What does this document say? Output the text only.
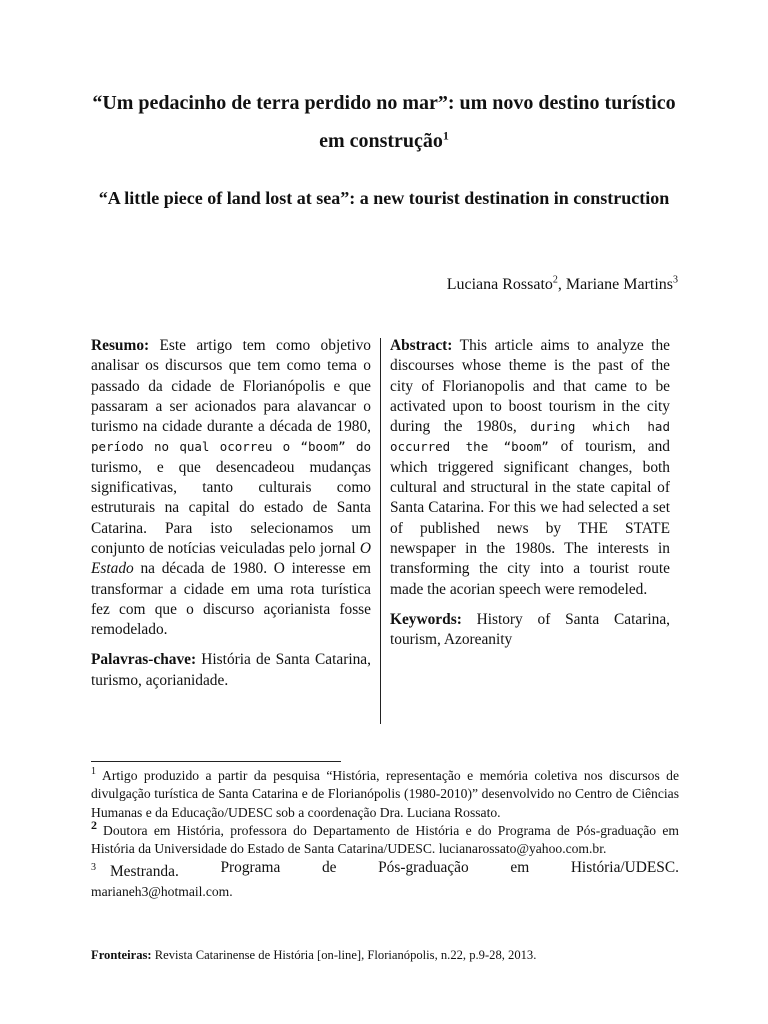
“Um pedacinho de terra perdido no mar”: um novo destino turístico em construção$^1$
“A little piece of land lost at sea”: a new tourist destination in construction
Luciana Rossato$^2$, Mariane Martins$^3$

Resumo: Este artigo tem como objetivo analisar os discursos que tem como tema o passado da cidade de Florianópolis e que passaram a ser acionados para alavancar o turismo na cidade durante a década de 1980, período no qual ocorreu o “boom” do turismo, e que desencadeou mudanças significativas, tanto culturais como estruturais na capital do estado de Santa Catarina. Para isto selecionamos um conjunto de notícias veiculadas pelo jornal O Estado na década de 1980. O interesse em transformar a cidade em uma rota turística fez com que o discurso açorianista fosse remodelado.

Palavras-chave: História de Santa Catarina, turismo, açorianidade.

Abstract: This article aims to analyze the discourses whose theme is the past of the city of Florianopolis and that came to be activated upon to boost tourism in the city during the 1980s, during which had occurred the “boom” of tourism, and which triggered significant changes, both cultural and structural in the state capital of Santa Catarina. For this we had selected a set of published news by THE STATE newspaper in the 1980s. The interests in transforming the city into a tourist route made the acorian speech were remodeled.

Keywords: History of Santa Catarina, tourism, Azoreanity

$^1$ Artigo produzido a partir da pesquisa “História, representação e memória coletiva nos discursos de divulgação turística de Santa Catarina e de Florianópolis (1980-2010)” desenvolvido no Centro de Ciências Humanas e da Educação/UDESC sob a coordenação Dra. Luciana Rossato.

2 Doutora em História, professora do Departamento de História e do Programa de Pós-graduação em História da Universidade do Estado de Santa Catarina/UDESC. lucianarossato@yahoo.com.br.

$^3$ Mestranda.	Programa	de	Pós-graduação	em	História/UDESC.
marianeh3@hotmail.com.
Fronteiras: Revista Catarinense de História [on-line], Florianópolis, n.22, p.9-28, 2013.
